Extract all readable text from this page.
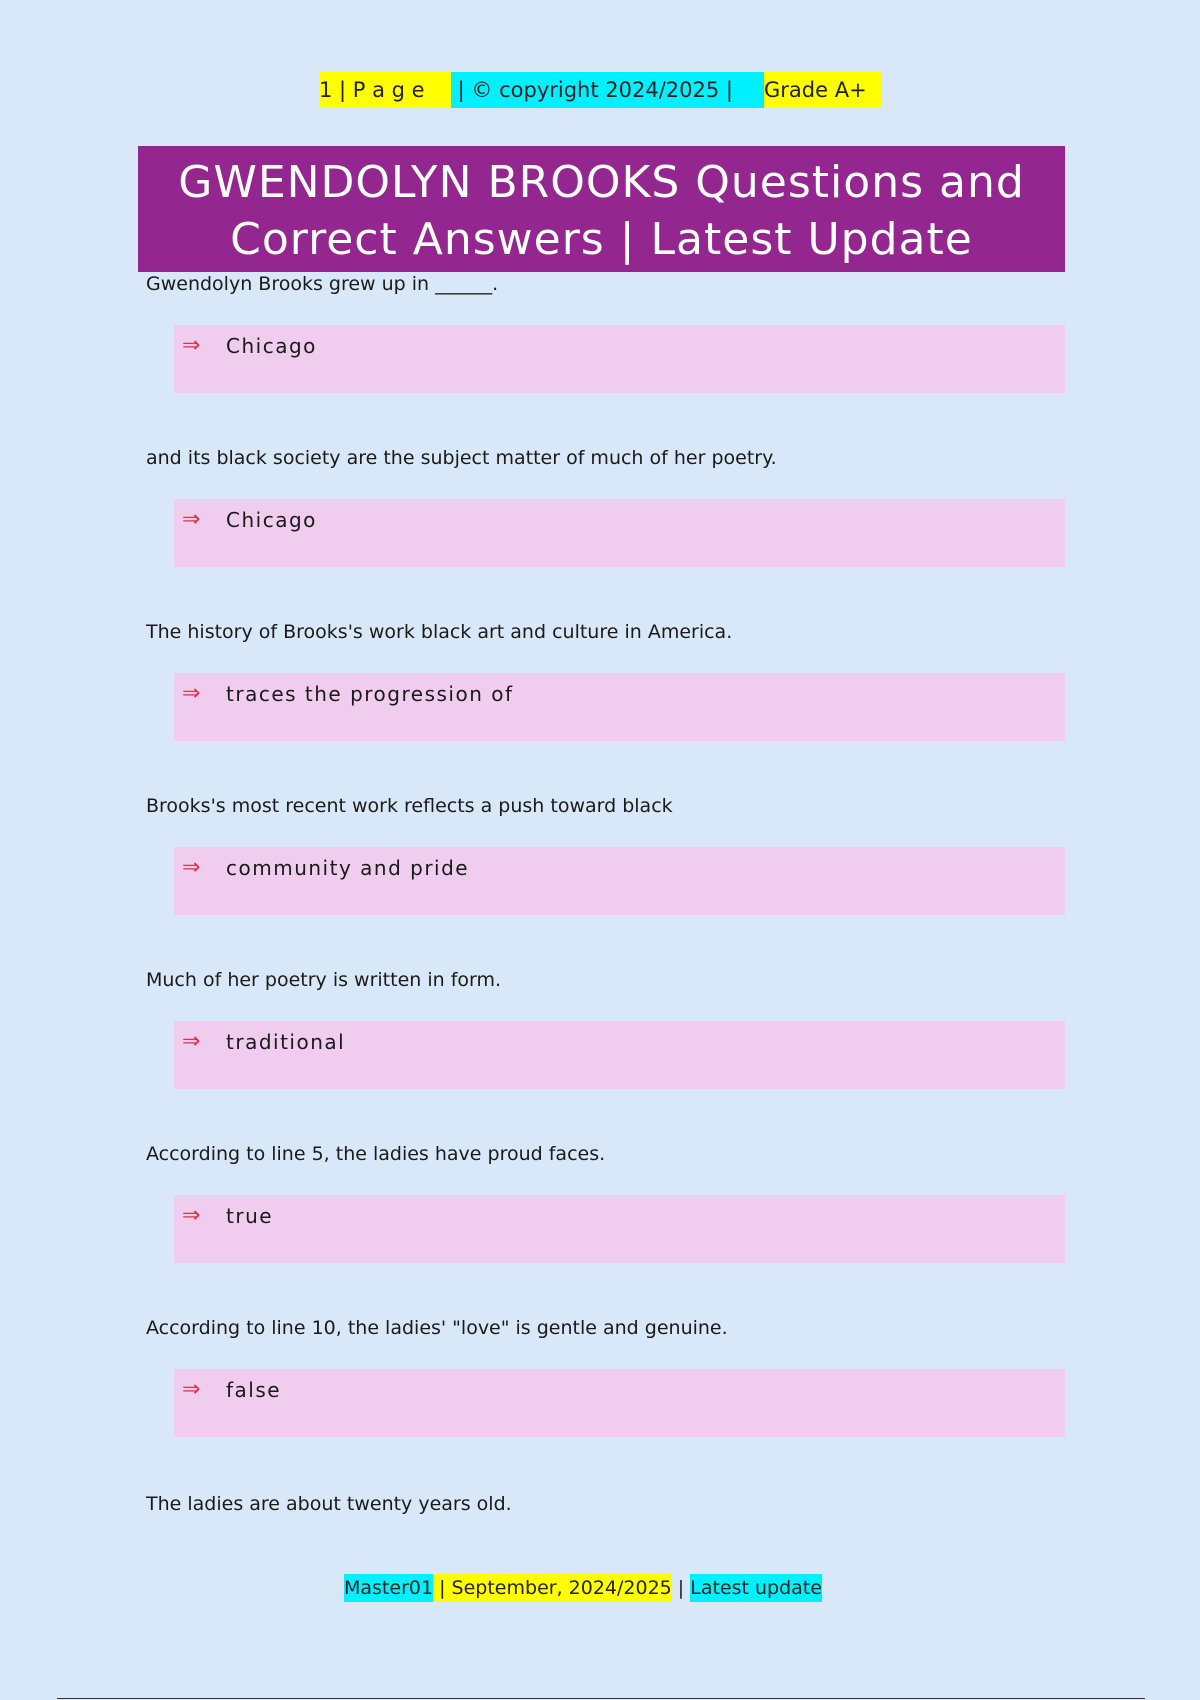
1 | P a g e	| © copyright 2024/2025 |	Grade A+
GWENDOLYN BROOKS Questions and
Correct Answers | Latest Update
Gwendolyn Brooks grew up in ______.
⇒ Chicago
and its black society are the subject matter of much of her poetry.
⇒ Chicago
The history of Brooks's work black art and culture in America.
⇒ traces the progression of
Brooks's most recent work reflects a push toward black
⇒ community and pride
Much of her poetry is written in form.
⇒ traditional
According to line 5, the ladies have proud faces.
⇒ true
According to line 10, the ladies' "love" is gentle and genuine.
⇒ false
The ladies are about twenty years old.
Master01 | September, 2024/2025 | Latest update
